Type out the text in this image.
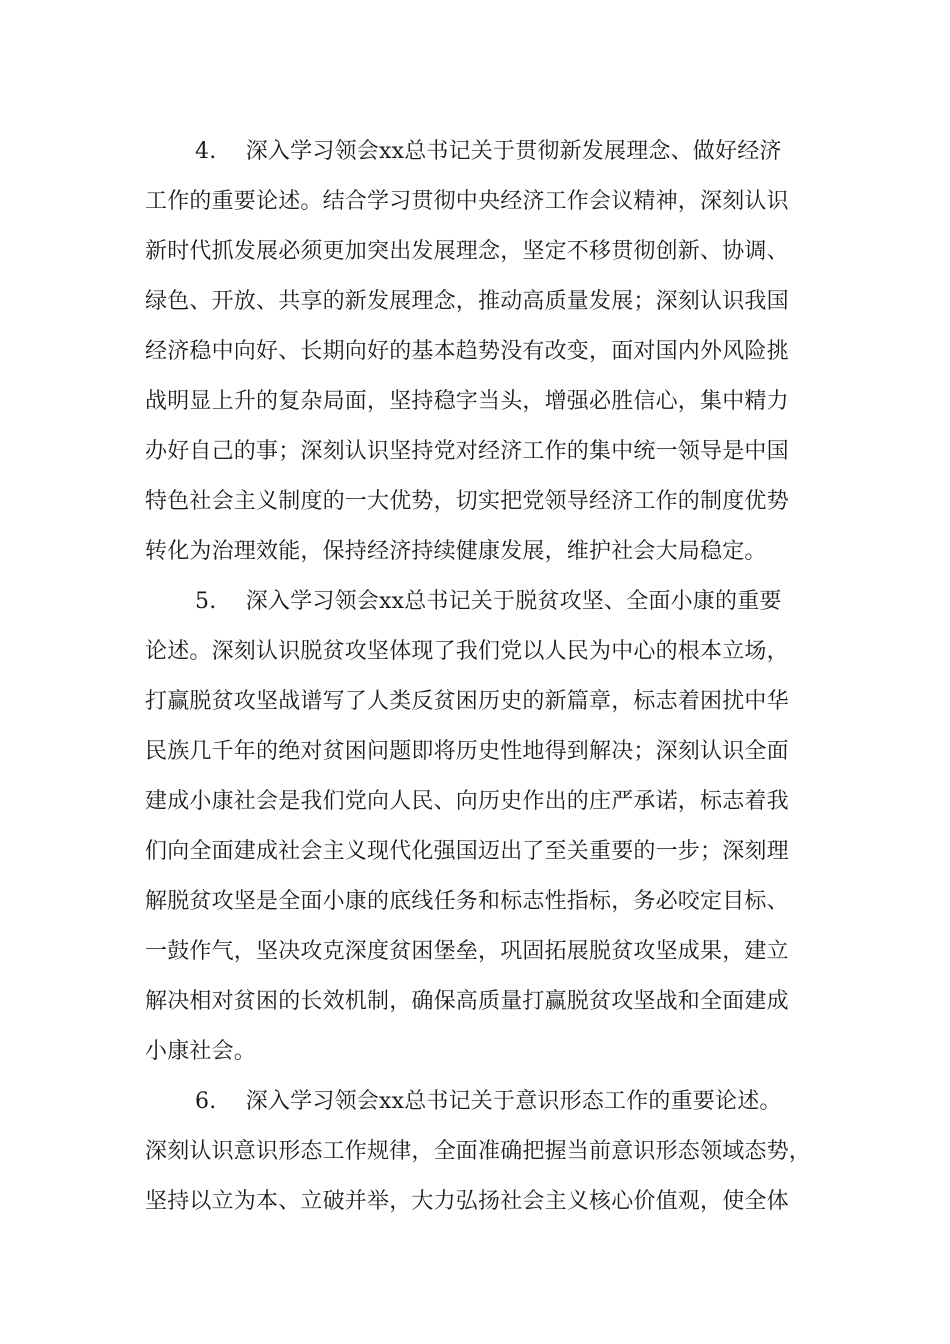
4.　 深入学习领会xx总书记关于贯彻新发展理念、做好经济
工作的重要论述。结合学习贯彻中央经济工作会议精神，深刻认识
新时代抓发展必须更加突出发展理念，坚定不移贯彻创新、协调、
绿色、开放、共享的新发展理念，推动高质量发展；深刻认识我国
经济稳中向好、长期向好的基本趋势没有改变，面对国内外风险挑
战明显上升的复杂局面，坚持稳字当头，增强必胜信心，集中精力
办好自己的事；深刻认识坚持党对经济工作的集中统一领导是中国
特色社会主义制度的一大优势，切实把党领导经济工作的制度优势
转化为治理效能，保持经济持续健康发展，维护社会大局稳定。
5.　 深入学习领会xx总书记关于脱贫攻坚、全面小康的重要
论述。深刻认识脱贫攻坚体现了我们党以人民为中心的根本立场，
打赢脱贫攻坚战谱写了人类反贫困历史的新篇章，标志着困扰中华
民族几千年的绝对贫困问题即将历史性地得到解决；深刻认识全面
建成小康社会是我们党向人民、向历史作出的庄严承诺，标志着我
们向全面建成社会主义现代化强国迈出了至关重要的一步；深刻理
解脱贫攻坚是全面小康的底线任务和标志性指标，务必咬定目标、
一鼓作气，坚决攻克深度贫困堡垒，巩固拓展脱贫攻坚成果，建立
解决相对贫困的长效机制，确保高质量打赢脱贫攻坚战和全面建成
小康社会。
6.　 深入学习领会xx总书记关于意识形态工作的重要论述。
深刻认识意识形态工作规律，全面准确把握当前意识形态领域态势，
坚持以立为本、立破并举，大力弘扬社会主义核心价值观，使全体
